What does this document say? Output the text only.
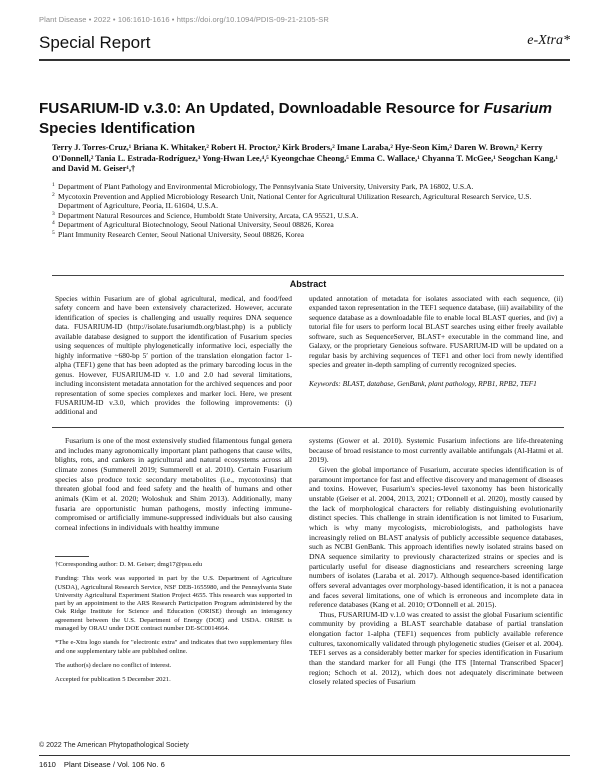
Plant Disease • 2022 • 106:1610-1616 • https://doi.org/10.1094/PDIS-09-21-2105-SR
Special Report	e-Xtra*
FUSARIUM-ID v.3.0: An Updated, Downloadable Resource for Fusarium Species Identification
Terry J. Torres-Cruz,¹ Briana K. Whitaker,² Robert H. Proctor,² Kirk Broders,² Imane Laraba,² Hye-Seon Kim,² Daren W. Brown,² Kerry O'Donnell,² Tania L. Estrada-Rodríguez,³ Yong-Hwan Lee,⁴,⁵ Kyeongchae Cheong,⁵ Emma C. Wallace,¹ Chyanna T. McGee,¹ Seogchan Kang,¹ and David M. Geiser¹,†
1 Department of Plant Pathology and Environmental Microbiology, The Pennsylvania State University, University Park, PA 16802, U.S.A.
2 Mycotoxin Prevention and Applied Microbiology Research Unit, National Center for Agricultural Utilization Research, Agricultural Research Service, U.S. Department of Agriculture, Peoria, IL 61604, U.S.A.
3 Department Natural Resources and Science, Humboldt State University, Arcata, CA 95521, U.S.A.
4 Department of Agricultural Biotechnology, Seoul National University, Seoul 08826, Korea
5 Plant Immunity Research Center, Seoul National University, Seoul 08826, Korea
Abstract
Species within Fusarium are of global agricultural, medical, and food/feed safety concern and have been extensively characterized. However, accurate identification of species is challenging and usually requires DNA sequence data. FUSARIUM-ID (http://isolate.fusariumdb.org/blast.php) is a publicly available database designed to support the identification of Fusarium species using sequences of multiple phylogenetically informative loci, especially the highly informative ~680-bp 5′ portion of the translation elongation factor 1-alpha (TEF1) gene that has been adopted as the primary barcoding locus in the genus. However, FUSARIUM-ID v. 1.0 and 2.0 had several limitations, including inconsistent metadata annotation for the archived sequences and poor representation of some species complexes and marker loci. Here, we present FUSARIUM-ID v.3.0, which provides the following improvements: (i) additional and

updated annotation of metadata for isolates associated with each sequence, (ii) expanded taxon representation in the TEF1 sequence database, (iii) availability of the sequence database as a downloadable file to enable local BLAST queries, and (iv) a tutorial file for users to perform local BLAST searches using either freely available software, such as SequenceServer, BLAST+ executable in the command line, and Galaxy, or the proprietary Geneious software. FUSARIUM-ID will be updated on a regular basis by archiving sequences of TEF1 and other loci from newly identified species and greater in-depth sampling of currently recognized species.

Keywords: BLAST, database, GenBank, plant pathology, RPB1, RPB2, TEF1

Fusarium is one of the most extensively studied filamentous fungal genera and includes many agronomically important plant pathogens that cause wilts, blights, rots, and cankers in agricultural and natural ecosystems across all climate zones (Summerell 2019; Summerell et al. 2010). Certain Fusarium species also produce toxic secondary metabolites (i.e., mycotoxins) that threaten global food and feed safety and the health of humans and other animals (Kim et al. 2020; Woloshuk and Shim 2013). Additionally, many fusaria are opportunistic human pathogens, mostly infecting immune-compromised or artificially immune-suppressed individuals but also causing corneal infections in individuals with healthy immune

†Corresponding author: D. M. Geiser; dmg17@psu.edu

Funding: This work was supported in part by the U.S. Department of Agriculture (USDA), Agricultural Research Service, NSF DEB-1655980, and the Pennsylvania State University Agricultural Experiment Station Project 4655. This research was supported in part by an appointment to the ARS Research Participation Program administered by the Oak Ridge Institute for Science and Education (ORISE) through an interagency agreement between the U.S. Department of Energy (DOE) and USDA. ORISE is managed by ORAU under DOE contract number DE-SC0014664.

*The e-Xtra logo stands for "electronic extra" and indicates that two supplementary files and one supplementary table are published online.

The author(s) declare no conflict of interest.

Accepted for publication 5 December 2021.

systems (Gower et al. 2010). Systemic Fusarium infections are life-threatening because of broad resistance to most currently available antifungals (Al-Hatmi et al. 2019).

Given the global importance of Fusarium, accurate species identification is of paramount importance for fast and effective discovery and management of diseases and toxins. However, Fusarium's species-level taxonomy has been historically unstable (Geiser et al. 2004, 2013, 2021; O'Donnell et al. 2020), mostly caused by the lack of morphological characters for reliably distinguishing evolutionarily distinct species. This challenge in strain identification is not limited to Fusarium, which is why many mycologists, microbiologists, and pathologists have increasingly relied on BLAST analysis of publicly accessible sequence databases, such as NCBI GenBank. This approach identifies newly isolated strains based on DNA sequence similarity to previously characterized strains or species and is particularly useful for disease diagnosticians and researchers screening large numbers of isolates (Laraba et al. 2017). Although sequence-based identification offers several advantages over morphology-based identification, it is not a panacea and faces several limitations, one of which is erroneous and incomplete data in reference databases (Kang et al. 2010; O'Donnell et al. 2015).

Thus, FUSARIUM-ID v.1.0 was created to assist the global Fusarium scientific community by providing a BLAST searchable database of partial translation elongation factor 1-alpha (TEF1) sequences from publicly available reference cultures, taxonomically validated through phylogenetic studies (Geiser et al. 2004). TEF1 serves as a considerably better marker for species identification in Fusarium than the standard marker for all Fungi (the ITS [Internal Transcribed Spacer] region; Schoch et al. 2012), which does not adequately discriminate between closely related species of Fusarium

© 2022 The American Phytopathological Society
1610 Plant Disease / Vol. 106 No. 6
